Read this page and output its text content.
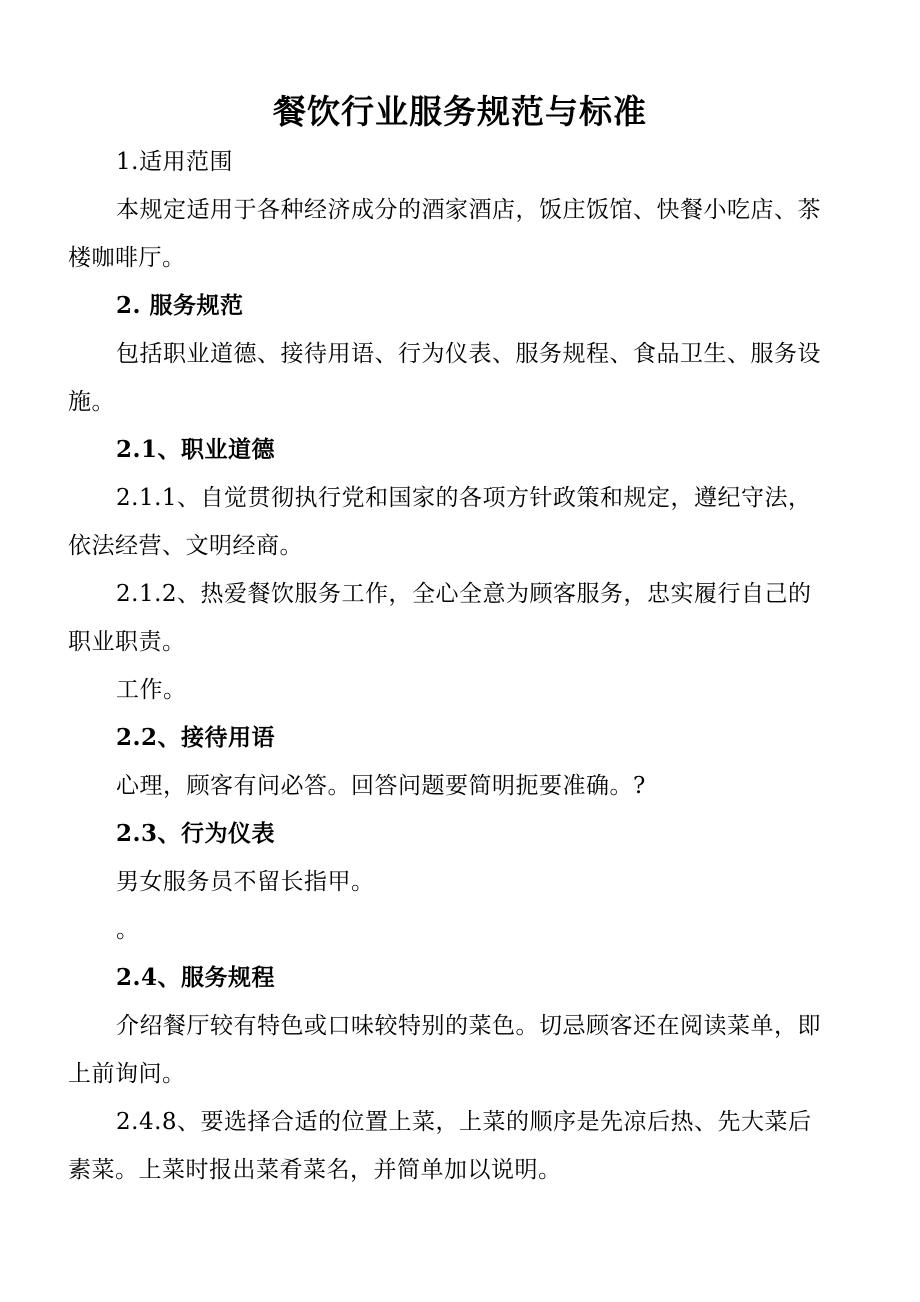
餐饮行业服务规范与标准

1.适用范围

本规定适用于各种经济成分的酒家酒店，饭庄饭馆、快餐小吃店、茶

楼咖啡厅。

2. 服务规范

包括职业道德、接待用语、行为仪表、服务规程、食品卫生、服务设

施。

2.1、职业道德

2.1.1、自觉贯彻执行党和国家的各项方针政策和规定，遵纪守法，

依法经营、文明经商。

2.1.2、热爱餐饮服务工作，全心全意为顾客服务，忠实履行自己的

职业职责。

工作。

2.2、接待用语

心理，顾客有问必答。回答问题要简明扼要准确。?

2.3、行为仪表

男女服务员不留长指甲。

。

2.4、服务规程

介绍餐厅较有特色或口味较特别的菜色。切忌顾客还在阅读菜单，即

上前询问。

2.4.8、要选择合适的位置上菜，上菜的顺序是先凉后热、先大菜后

素菜。上菜时报出菜肴菜名，并简单加以说明。
